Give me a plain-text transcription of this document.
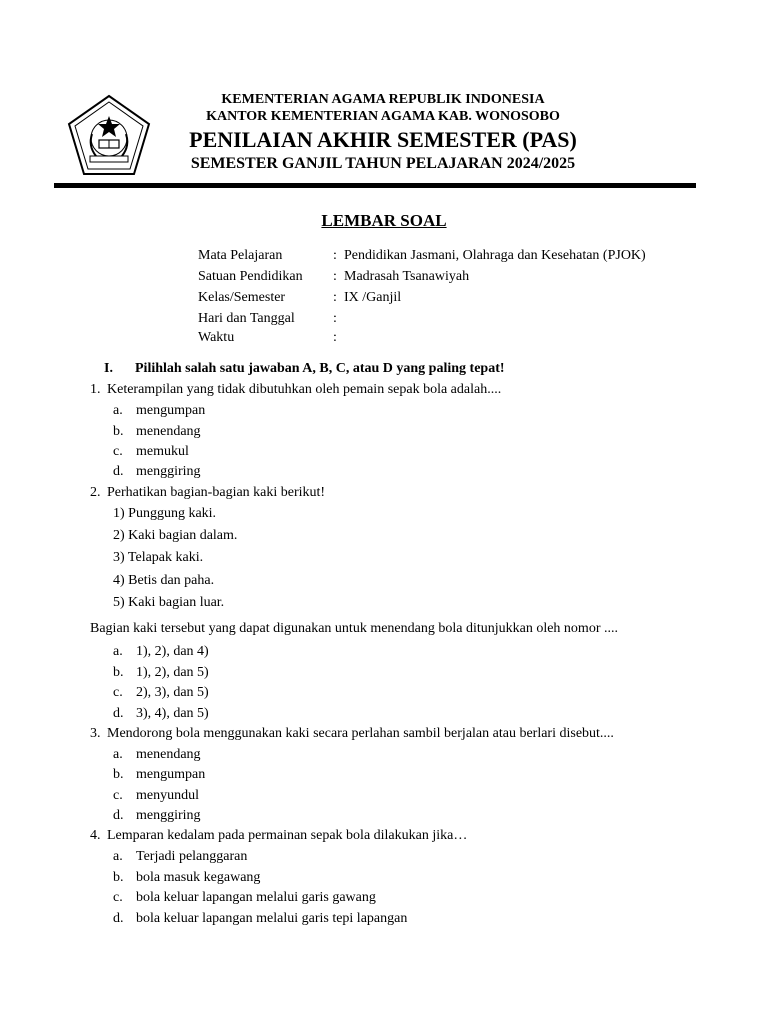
KEMENTERIAN AGAMA REPUBLIK INDONESIA
KANTOR KEMENTERIAN AGAMA KAB. WONOSOBO
PENILAIAN AKHIR SEMESTER (PAS)
SEMESTER GANJIL TAHUN PELAJARAN 2024/2025
LEMBAR SOAL
Mata Pelajaran	: Pendidikan Jasmani, Olahraga dan Kesehatan (PJOK)
Satuan Pendidikan : Madrasah Tsanawiyah
Kelas/Semester	: IX /Ganjil
Hari dan Tanggal	:
Waktu	:
I. Pilihlah salah satu jawaban A, B, C, atau D yang paling tepat!
1. Keterampilan yang tidak dibutuhkan oleh pemain sepak bola adalah....
a. mengumpan
b. menendang
c. memukul
d. menggiring
2. Perhatikan bagian-bagian kaki berikut!
1) Punggung kaki.
2) Kaki bagian dalam.
3) Telapak kaki.
4) Betis dan paha.
5) Kaki bagian luar.
Bagian kaki tersebut yang dapat digunakan untuk menendang bola ditunjukkan oleh nomor ....
a. 1), 2), dan 4)
b. 1), 2), dan 5)
c. 2), 3), dan 5)
d. 3), 4), dan 5)
3. Mendorong bola menggunakan kaki secara perlahan sambil berjalan atau berlari disebut....
a. menendang
b. mengumpan
c. menyundul
d. menggiring
4. Lemparan kedalam pada permainan sepak bola dilakukan jika…
a. Terjadi pelanggaran
b. bola masuk kegawang
c. bola keluar lapangan melalui garis gawang
d. bola keluar lapangan melalui garis tepi lapangan
